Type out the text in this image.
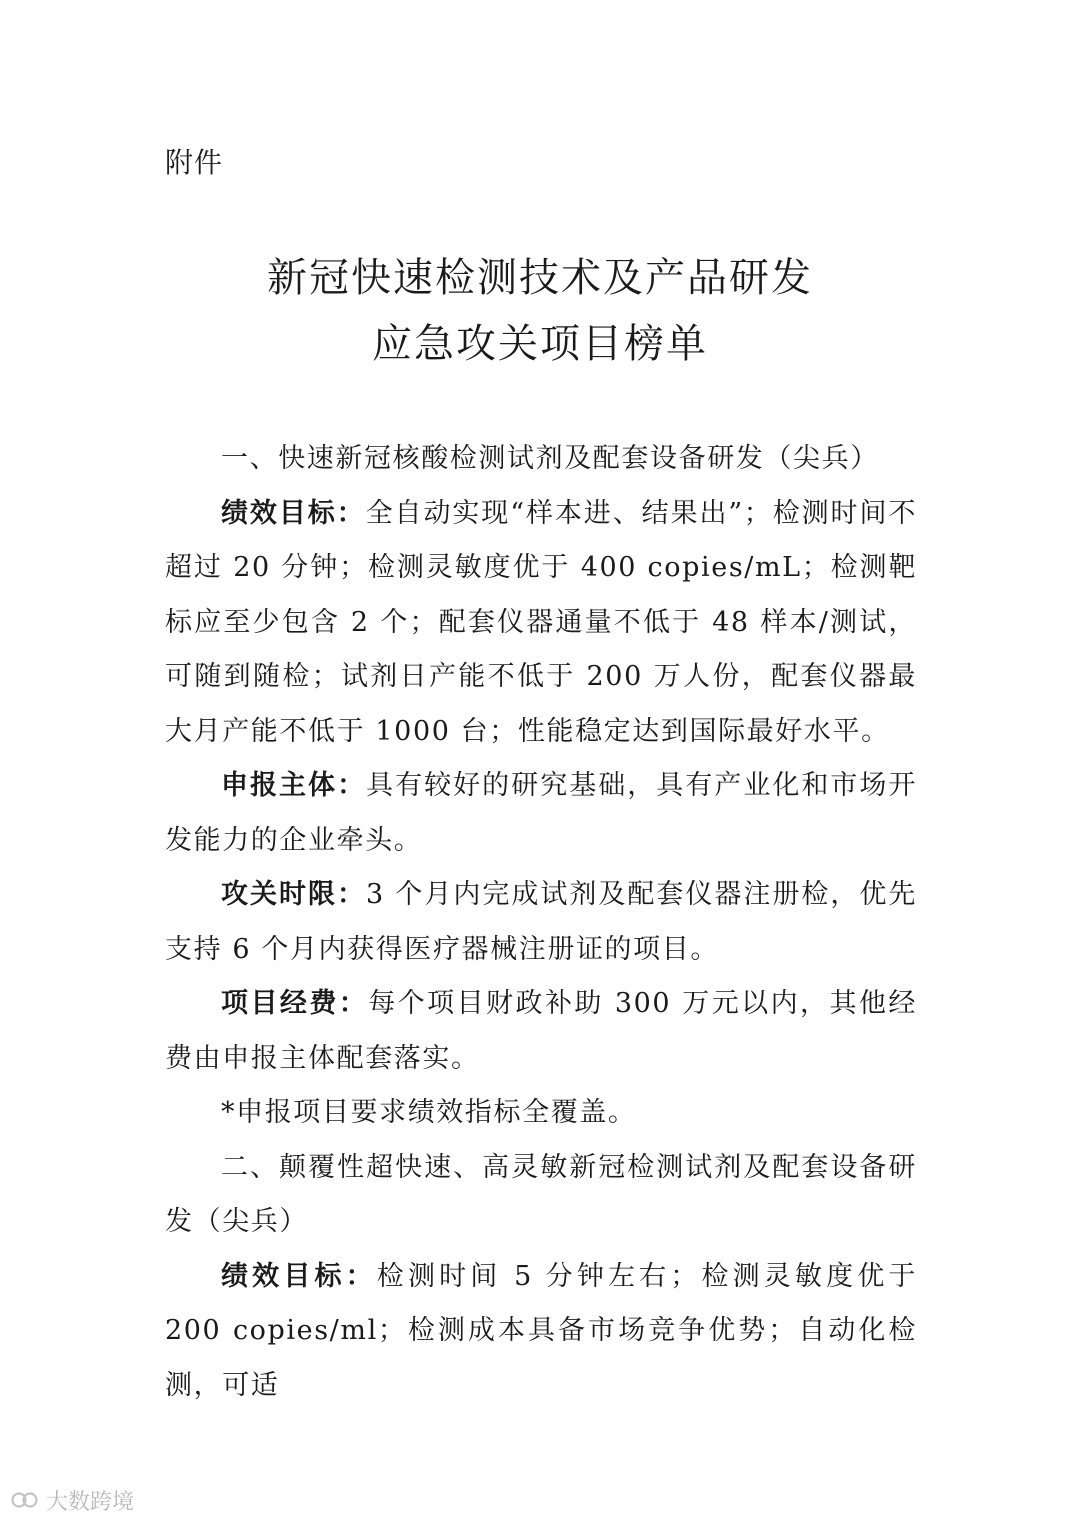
附件
新冠快速检测技术及产品研发
应急攻关项目榜单

一、快速新冠核酸检测试剂及配套设备研发（尖兵）

绩效目标：全自动实现“样本进、结果出”；检测时间不超过 20 分钟；检测灵敏度优于 400 copies/mL；检测靶标应至少包含 2 个；配套仪器通量不低于 48 样本/测试，可随到随检；试剂日产能不低于 200 万人份，配套仪器最大月产能不低于 1000 台；性能稳定达到国际最好水平。

申报主体：具有较好的研究基础，具有产业化和市场开发能力的企业牵头。

攻关时限：3 个月内完成试剂及配套仪器注册检，优先支持 6 个月内获得医疗器械注册证的项目。

项目经费：每个项目财政补助 300 万元以内，其他经费由申报主体配套落实。

*申报项目要求绩效指标全覆盖。

二、颠覆性超快速、高灵敏新冠检测试剂及配套设备研发（尖兵）

绩效目标：检测时间 5 分钟左右；检测灵敏度优于 200 copies/ml；检测成本具备市场竞争优势；自动化检测，可适

大数跨境
